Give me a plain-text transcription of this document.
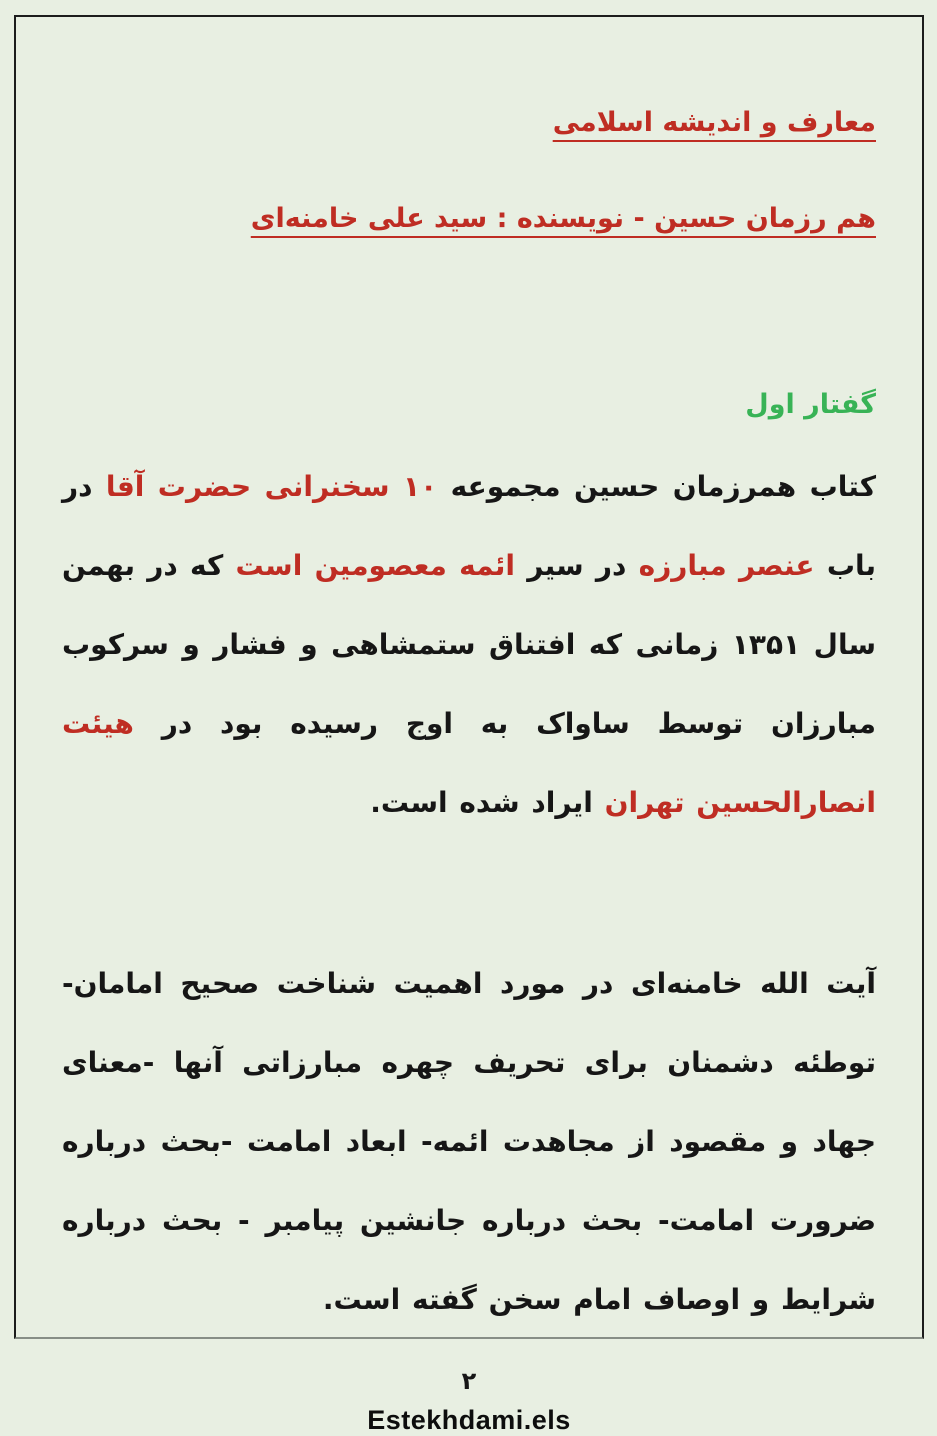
معارف و اندیشه اسلامی
هم رزمان حسین - نویسنده : سید علی خامنه‌ای
گفتار اول

کتاب همرزمان حسین مجموعه ۱۰ سخنرانی حضرت آقا در باب عنصر مبارزه در سیر ائمه معصومین است که در بهمن سال ۱۳۵۱ زمانی که افتناق ستمشاهی و فشار و سرکوب مبارزان توسط ساواک به اوج رسیده بود در هیئت انصارالحسین تهران ایراد شده است.

آیت الله خامنه‌ای در مورد اهمیت شناخت صحیح امامان- توطئه دشمنان برای تحریف چهره مبارزاتی آنها -معنای جهاد و مقصود از مجاهدت ائمه- ابعاد امامت -بحث درباره ضرورت امامت- بحث درباره جانشین پیامبر - بحث درباره شرایط و اوصاف امام سخن گفته است.

۲
Estekhdami.els
